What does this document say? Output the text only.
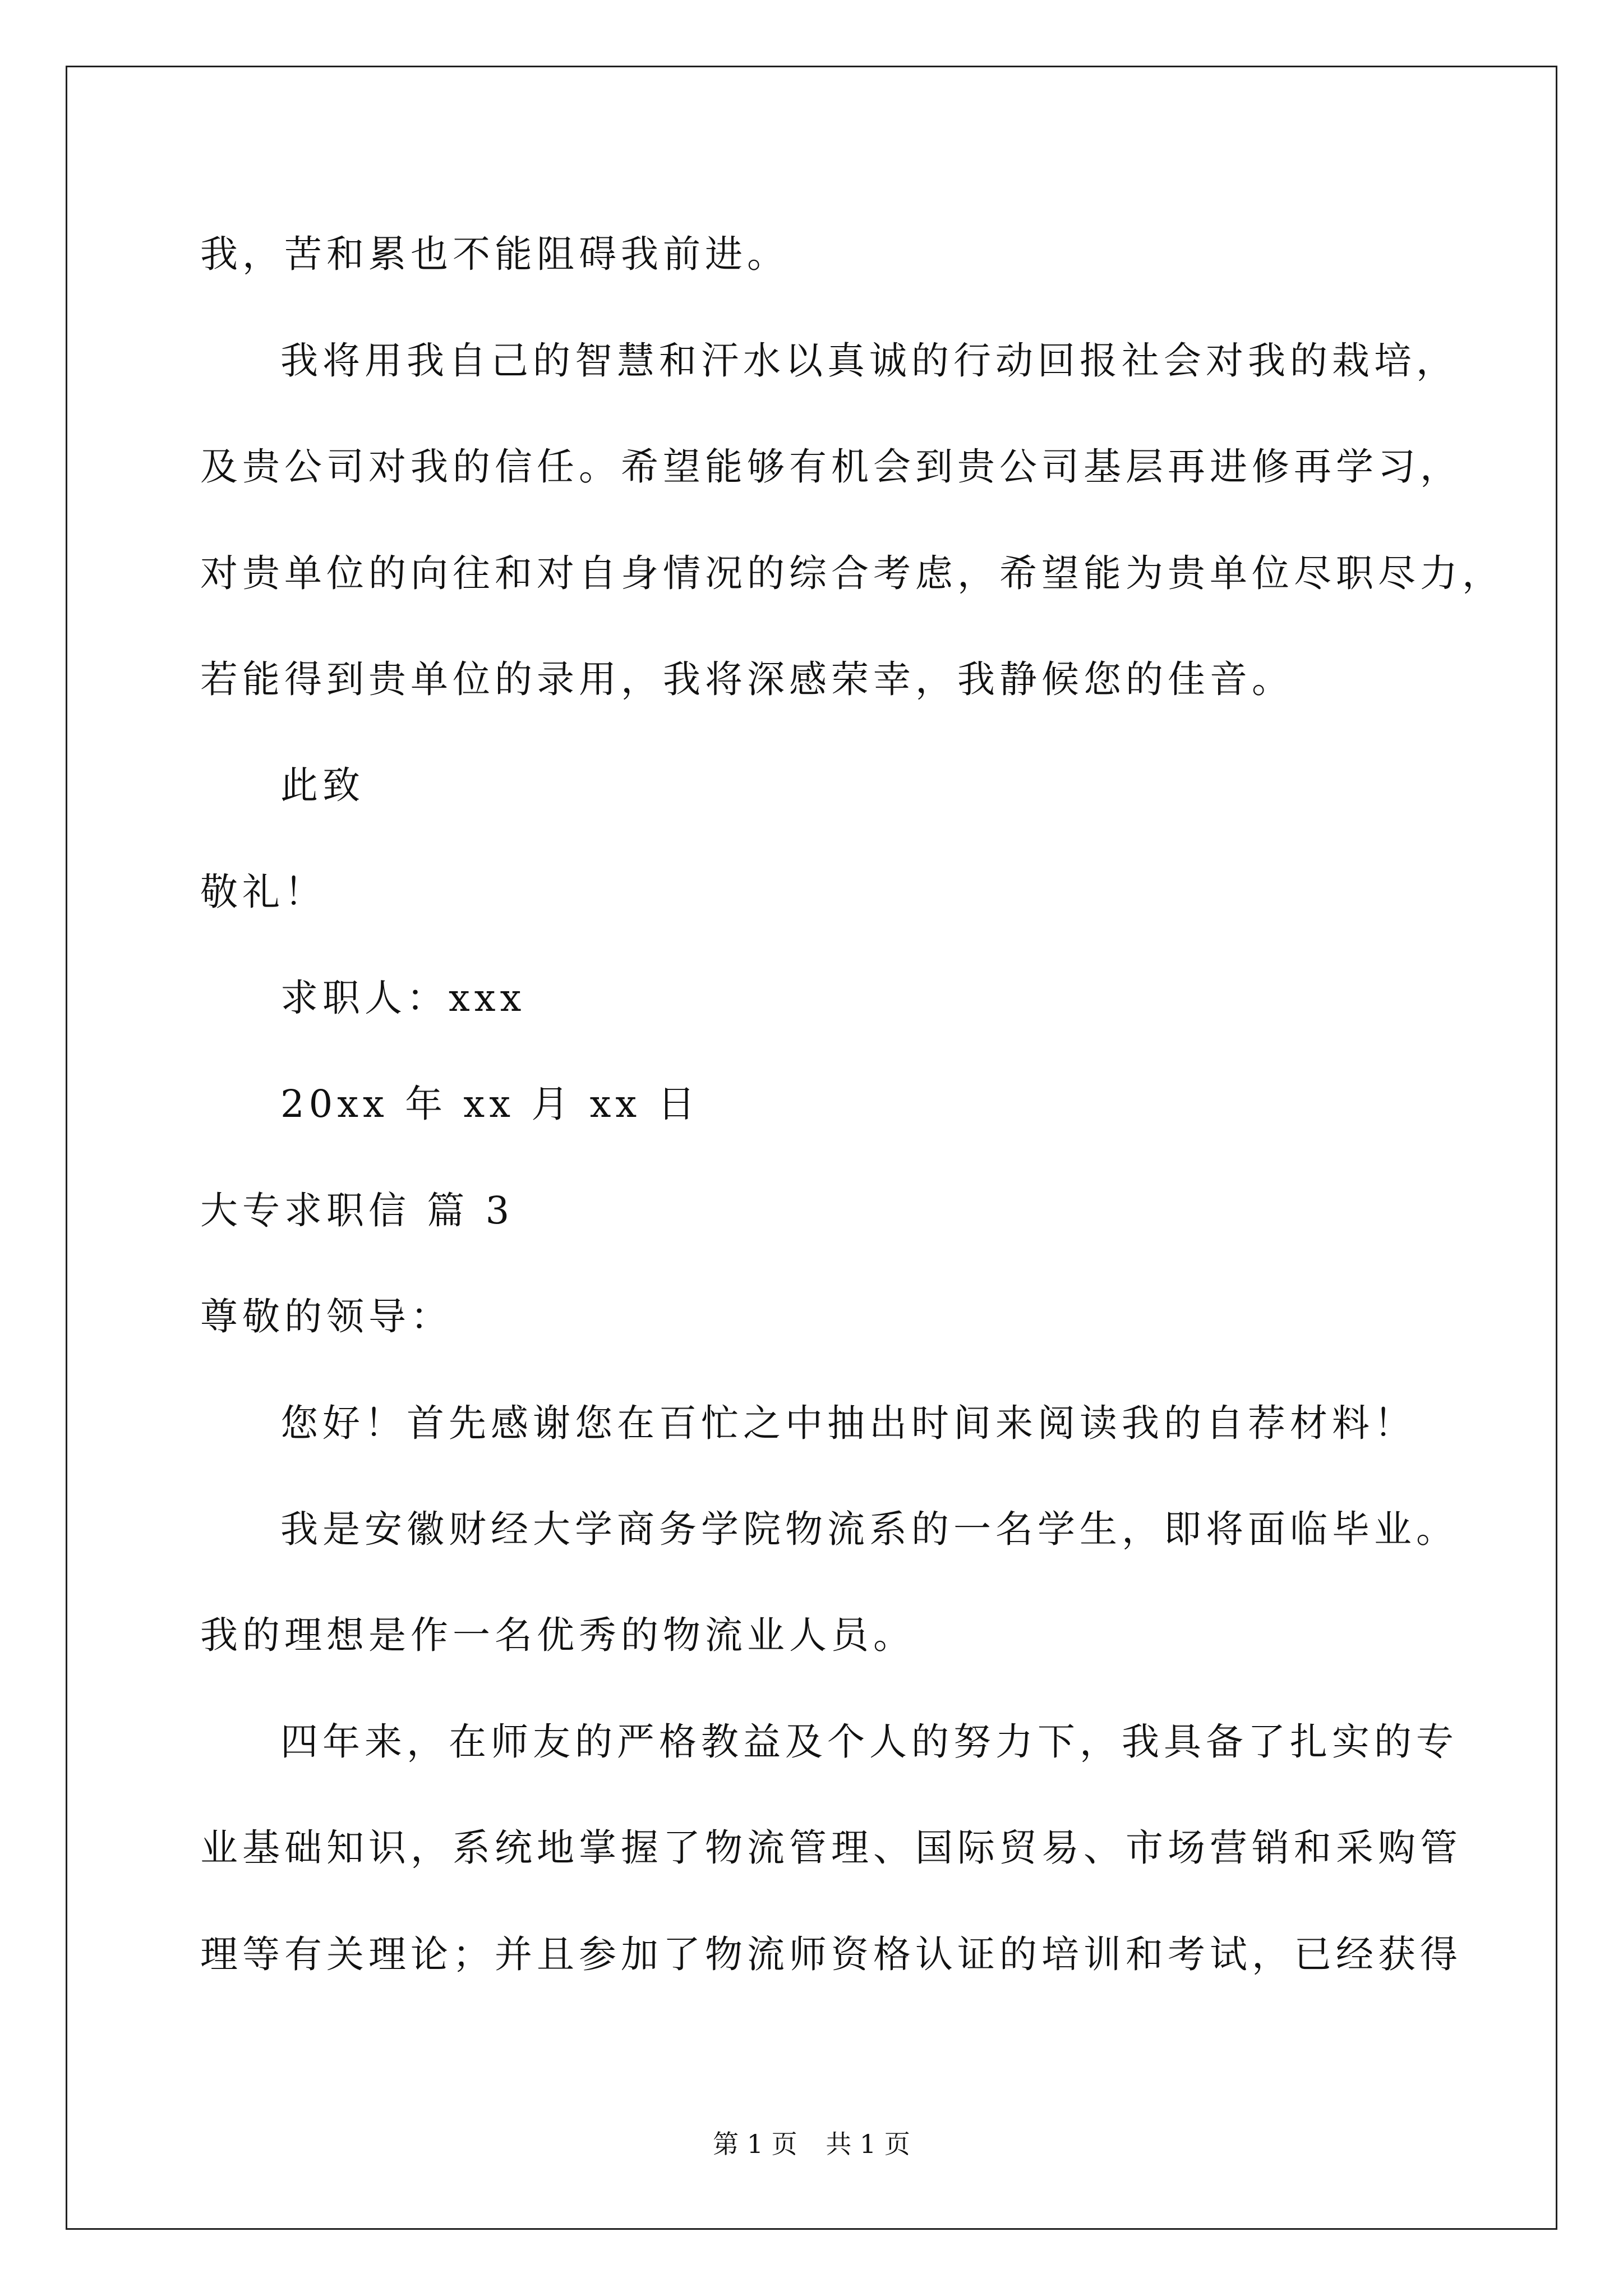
我，苦和累也不能阻碍我前进。
我将用我自己的智慧和汗水以真诚的行动回报社会对我的栽培，
及贵公司对我的信任。希望能够有机会到贵公司基层再进修再学习，
对贵单位的向往和对自身情况的综合考虑，希望能为贵单位尽职尽力，
若能得到贵单位的录用，我将深感荣幸，我静候您的佳音。
此致
敬礼！
求职人：xxx
20xx 年 xx 月 xx 日
大专求职信 篇 3
尊敬的领导：
您好！首先感谢您在百忙之中抽出时间来阅读我的自荐材料！
我是安徽财经大学商务学院物流系的一名学生，即将面临毕业。
我的理想是作一名优秀的物流业人员。
四年来，在师友的严格教益及个人的努力下，我具备了扎实的专
业基础知识，系统地掌握了物流管理、国际贸易、市场营销和采购管
理等有关理论；并且参加了物流师资格认证的培训和考试，已经获得
第 1 页 共 1 页
